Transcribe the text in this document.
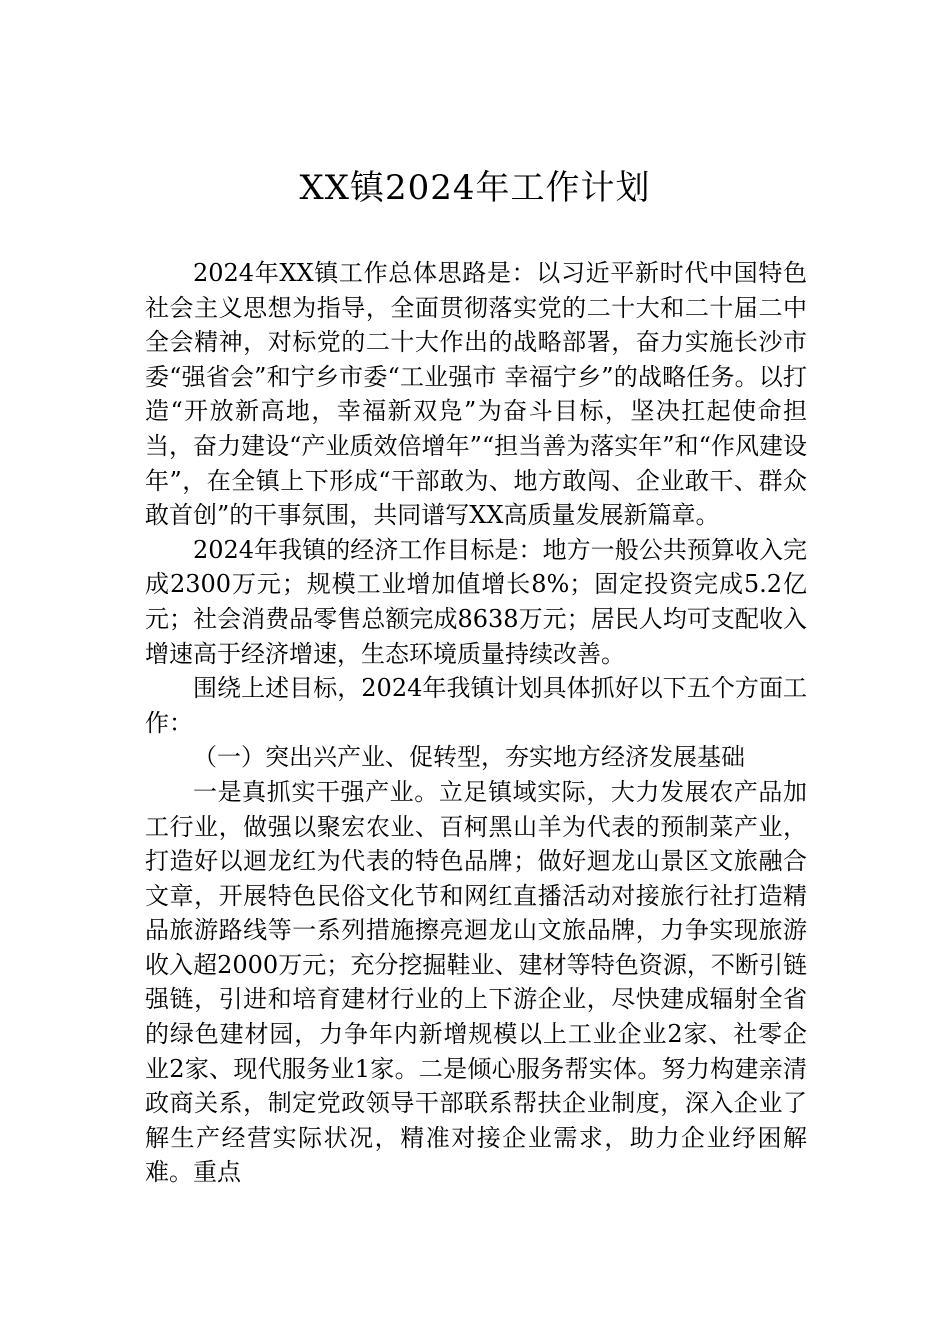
XX镇2024年工作计划

2024年XX镇工作总体思路是：以习近平新时代中国特色社会主义思想为指导，全面贯彻落实党的二十大和二十届二中全会精神，对标党的二十大作出的战略部署，奋力实施长沙市委“强省会”和宁乡市委“工业强市 幸福宁乡”的战略任务。以打造“开放新高地，幸福新双凫”为奋斗目标，坚决扛起使命担当，奋力建设“产业质效倍增年”“担当善为落实年”和“作风建设年”，在全镇上下形成“干部敢为、地方敢闯、企业敢干、群众敢首创”的干事氛围，共同谱写XX高质量发展新篇章。

2024年我镇的经济工作目标是：地方一般公共预算收入完成2300万元；规模工业增加值增长8%；固定投资完成5.2亿元；社会消费品零售总额完成8638万元；居民人均可支配收入增速高于经济增速，生态环境质量持续改善。

围绕上述目标，2024年我镇计划具体抓好以下五个方面工作：

（一）突出兴产业、促转型，夯实地方经济发展基础

一是真抓实干强产业。立足镇域实际，大力发展农产品加工行业，做强以聚宏农业、百柯黑山羊为代表的预制菜产业，打造好以迴龙红为代表的特色品牌；做好迴龙山景区文旅融合文章，开展特色民俗文化节和网红直播活动对接旅行社打造精品旅游路线等一系列措施擦亮迴龙山文旅品牌，力争实现旅游收入超2000万元；充分挖掘鞋业、建材等特色资源，不断引链强链，引进和培育建材行业的上下游企业，尽快建成辐射全省的绿色建材园，力争年内新增规模以上工业企业2家、社零企业2家、现代服务业1家。二是倾心服务帮实体。努力构建亲清政商关系，制定党政领导干部联系帮扶企业制度，深入企业了解生产经营实际状况，精准对接企业需求，助力企业纾困解难。重点
